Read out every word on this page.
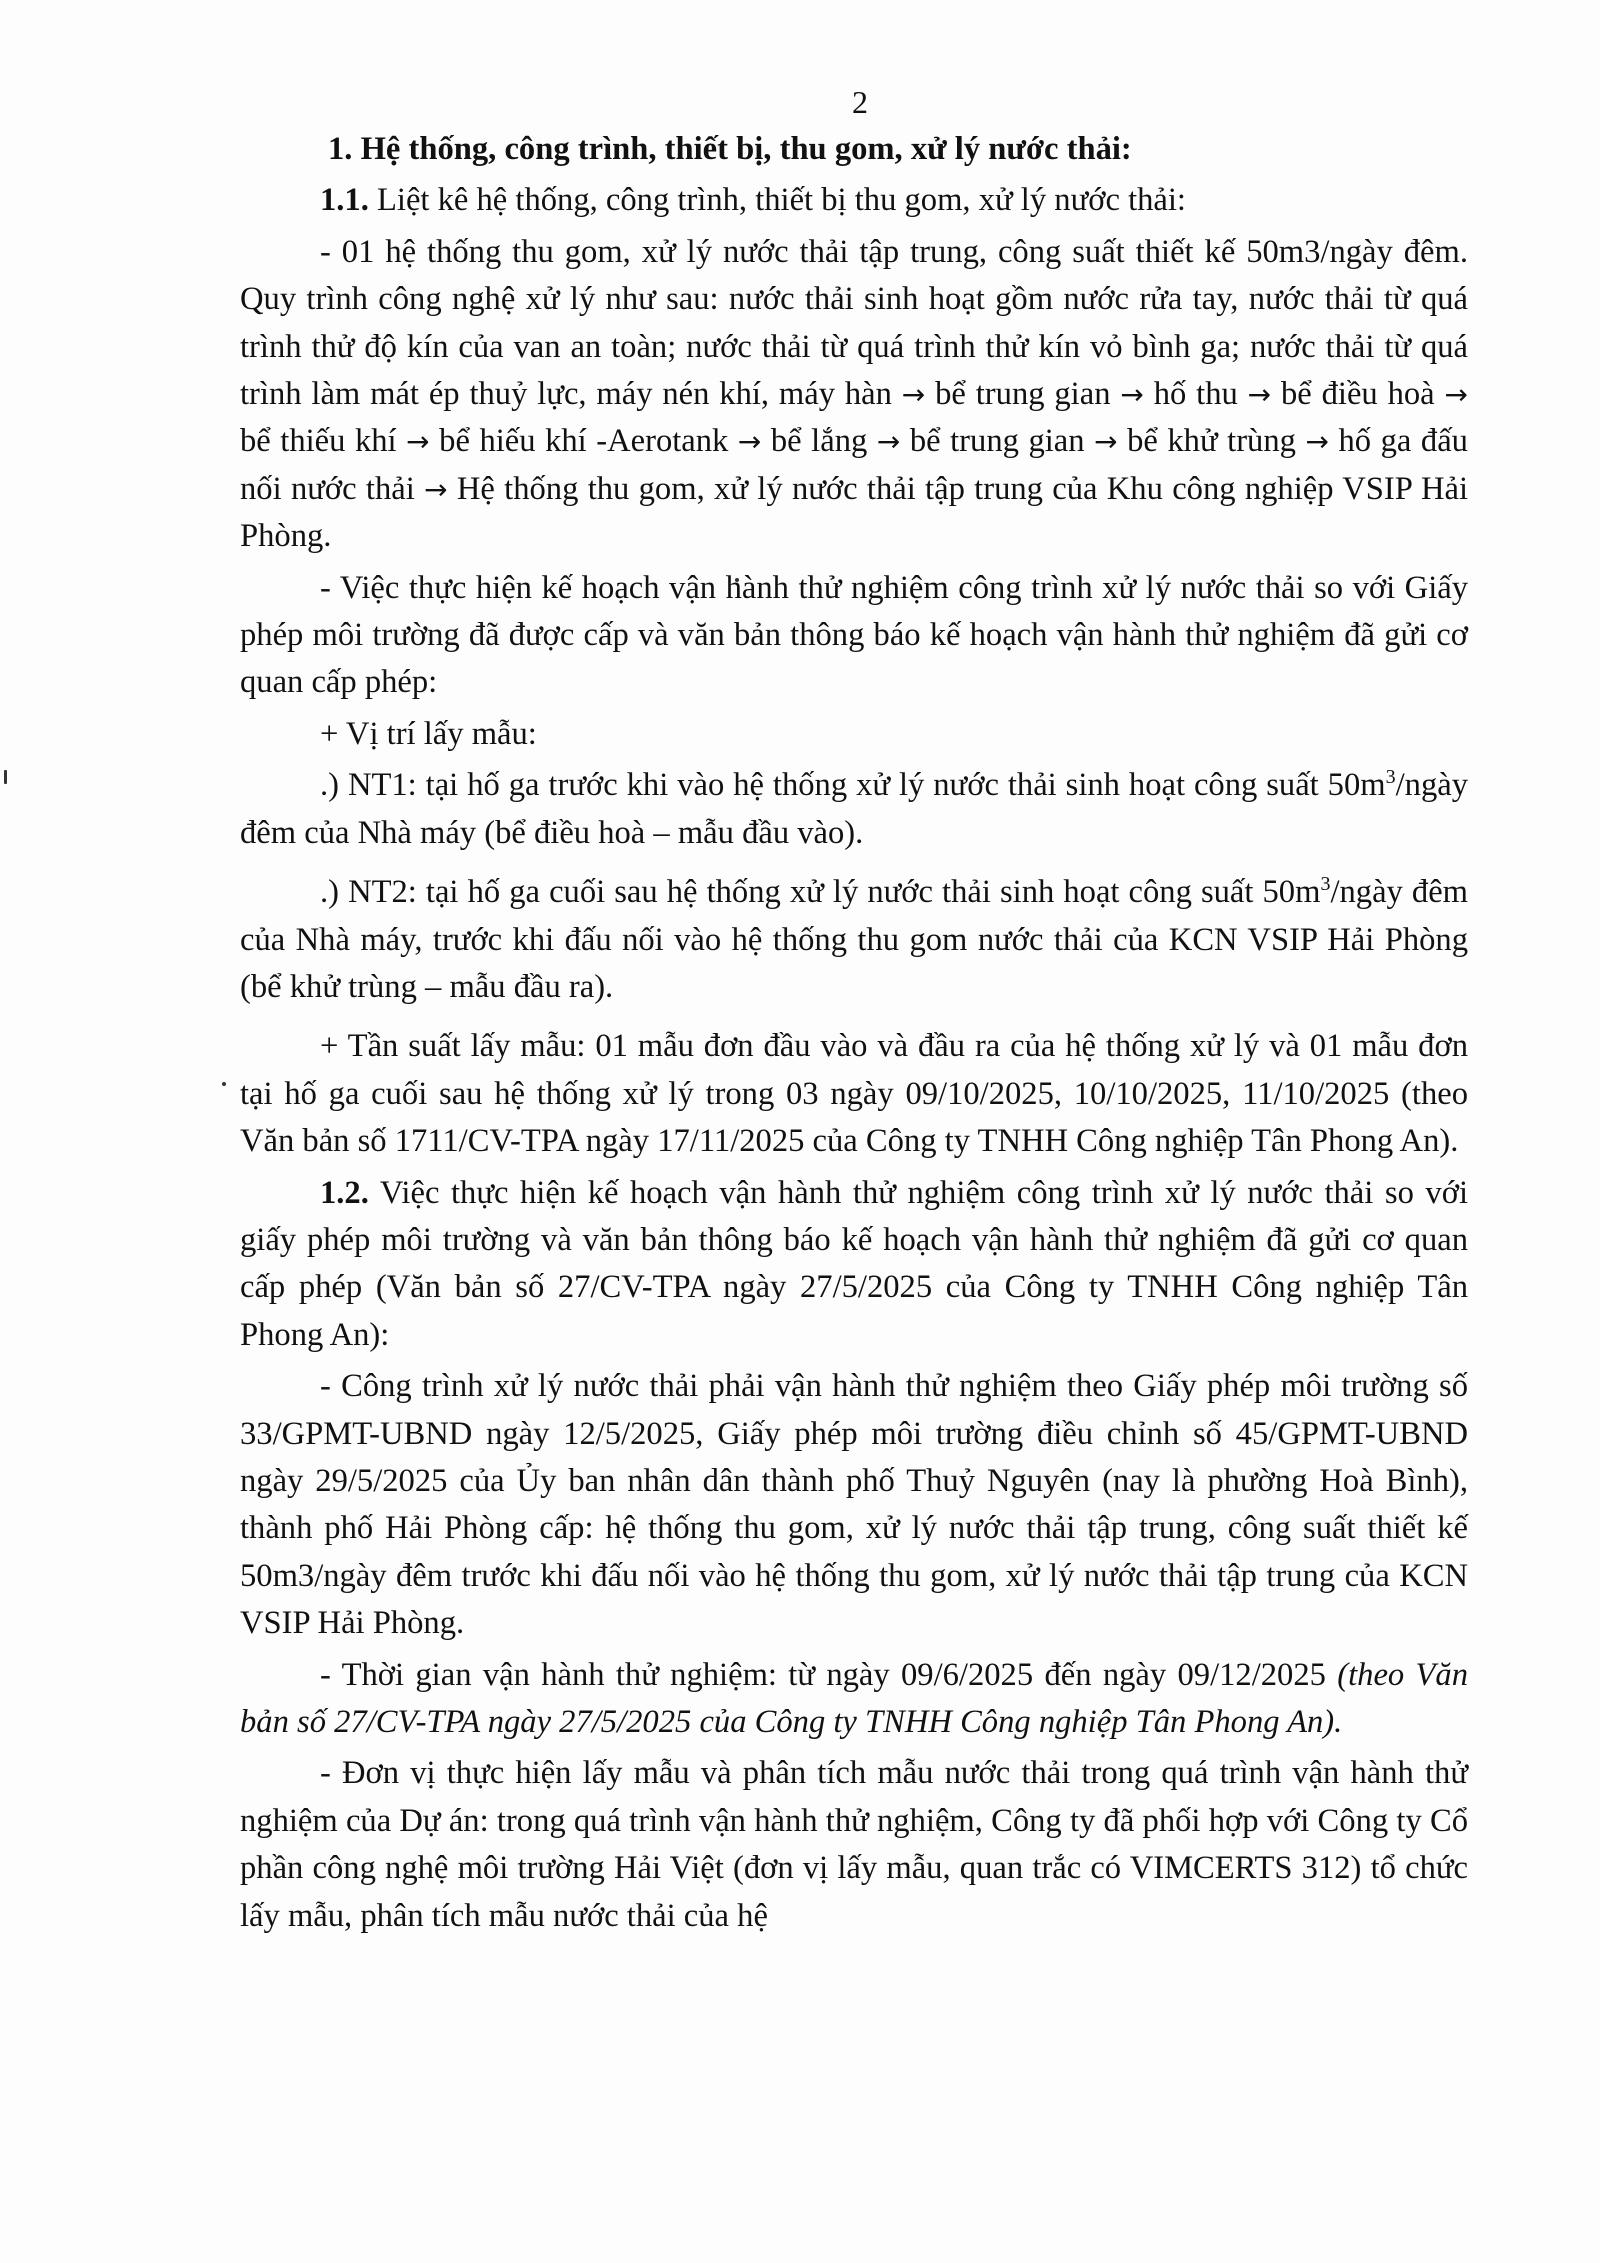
2

1. Hệ thống, công trình, thiết bị, thu gom, xử lý nước thải:

1.1. Liệt kê hệ thống, công trình, thiết bị thu gom, xử lý nước thải:

- 01 hệ thống thu gom, xử lý nước thải tập trung, công suất thiết kế 50m3/ngày đêm. Quy trình công nghệ xử lý như sau: nước thải sinh hoạt gồm nước rửa tay, nước thải từ quá trình thử độ kín của van an toàn; nước thải từ quá trình thử kín vỏ bình ga; nước thải từ quá trình làm mát ép thuỷ lực, máy nén khí, máy hàn → bể trung gian → hố thu → bể điều hoà → bể thiếu khí → bể hiếu khí -Aerotank → bể lắng → bể trung gian → bể khử trùng → hố ga đấu nối nước thải → Hệ thống thu gom, xử lý nước thải tập trung của Khu công nghiệp VSIP Hải Phòng.

- Việc thực hiện kế hoạch vận hành thử nghiệm công trình xử lý nước thải so với Giấy phép môi trường đã được cấp và văn bản thông báo kế hoạch vận hành thử nghiệm đã gửi cơ quan cấp phép:

+ Vị trí lấy mẫu:

.) NT1: tại hố ga trước khi vào hệ thống xử lý nước thải sinh hoạt công suất $50m^3$/ngày đêm của Nhà máy (bể điều hoà – mẫu đầu vào).

.) NT2: tại hố ga cuối sau hệ thống xử lý nước thải sinh hoạt công suất $50m^3$/ngày đêm của Nhà máy, trước khi đấu nối vào hệ thống thu gom nước thải của KCN VSIP Hải Phòng (bể khử trùng – mẫu đầu ra).

+ Tần suất lấy mẫu: 01 mẫu đơn đầu vào và đầu ra của hệ thống xử lý và 01 mẫu đơn tại hố ga cuối sau hệ thống xử lý trong 03 ngày 09/10/2025, 10/10/2025, 11/10/2025 (theo Văn bản số 1711/CV-TPA ngày 17/11/2025 của Công ty TNHH Công nghiệp Tân Phong An).

1.2. Việc thực hiện kế hoạch vận hành thử nghiệm công trình xử lý nước thải so với giấy phép môi trường và văn bản thông báo kế hoạch vận hành thử nghiệm đã gửi cơ quan cấp phép (Văn bản số 27/CV-TPA ngày 27/5/2025 của Công ty TNHH Công nghiệp Tân Phong An):

- Công trình xử lý nước thải phải vận hành thử nghiệm theo Giấy phép môi trường số 33/GPMT-UBND ngày 12/5/2025, Giấy phép môi trường điều chỉnh số 45/GPMT-UBND ngày 29/5/2025 của Ủy ban nhân dân thành phố Thuỷ Nguyên (nay là phường Hoà Bình), thành phố Hải Phòng cấp: hệ thống thu gom, xử lý nước thải tập trung, công suất thiết kế 50m3/ngày đêm trước khi đấu nối vào hệ thống thu gom, xử lý nước thải tập trung của KCN VSIP Hải Phòng.

- Thời gian vận hành thử nghiệm: từ ngày 09/6/2025 đến ngày 09/12/2025 (theo Văn bản số 27/CV-TPA ngày 27/5/2025 của Công ty TNHH Công nghiệp Tân Phong An).

- Đơn vị thực hiện lấy mẫu và phân tích mẫu nước thải trong quá trình vận hành thử nghiệm của Dự án: trong quá trình vận hành thử nghiệm, Công ty đã phối hợp với Công ty Cổ phần công nghệ môi trường Hải Việt (đơn vị lấy mẫu, quan trắc có VIMCERTS 312) tổ chức lấy mẫu, phân tích mẫu nước thải của hệ
